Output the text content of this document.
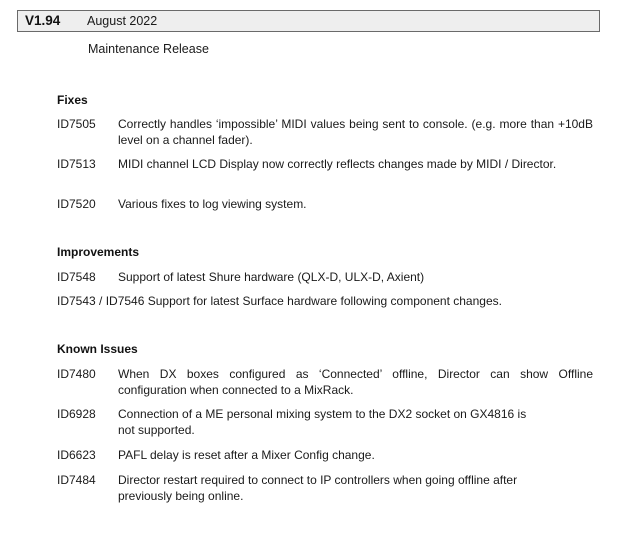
V1.94 August 2022
Maintenance Release
Fixes
ID7505 Correctly handles ‘impossible’ MIDI values being sent to console. (e.g. more than +10dB level on a channel fader).
ID7513 MIDI channel LCD Display now correctly reflects changes made by MIDI / Director.
ID7520 Various fixes to log viewing system.
Improvements
ID7548 Support of latest Shure hardware (QLX-D, ULX-D, Axient)
ID7543 / ID7546 Support for latest Surface hardware following component changes.
Known Issues
ID7480 When DX boxes configured as ‘Connected’ offline, Director can show Offline configuration when connected to a MixRack.
ID6928 Connection of a ME personal mixing system to the DX2 socket on GX4816 is not supported.
ID6623 PAFL delay is reset after a Mixer Config change.
ID7484 Director restart required to connect to IP controllers when going offline after previously being online.
